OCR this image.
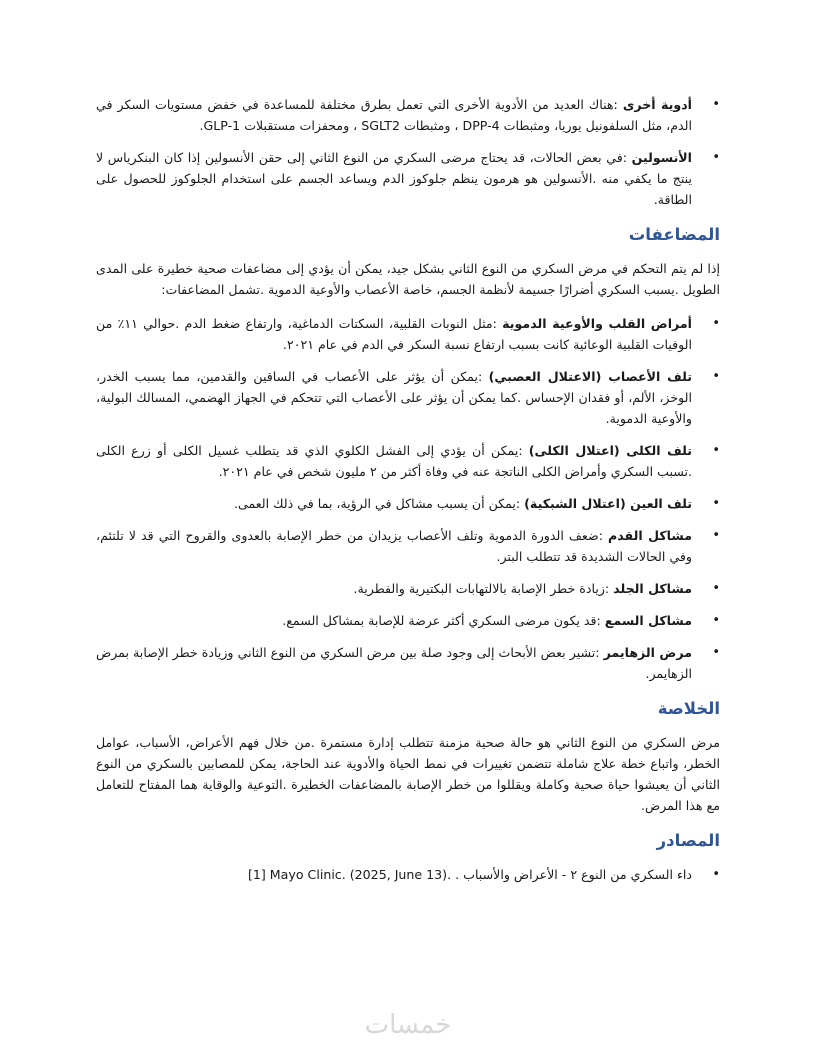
• أدوية أخرى :هناك العديد من الأدوية الأخرى التي تعمل بطرق مختلفة للمساعدة في خفض مستويات السكر في الدم، مثل السلفونيل يوريا، ومثبطات DPP-4 ، ومثبطات SGLT2 ، ومحفزات مستقبلات GLP-1.
• الأنسولين :في بعض الحالات، قد يحتاج مرضى السكري من النوع الثاني إلى حقن الأنسولين إذا كان البنكرياس لا ينتج ما يكفي منه .الأنسولين هو هرمون ينظم جلوكوز الدم ويساعد الجسم على استخدام الجلوكوز للحصول على الطاقة.
المضاعفات

إذا لم يتم التحكم في مرض السكري من النوع الثاني بشكل جيد، يمكن أن يؤدي إلى مضاعفات صحية خطيرة على المدى الطويل .يسبب السكري أضرارًا جسيمة لأنظمة الجسم، خاصة الأعصاب والأوعية الدموية .تشمل المضاعفات:

• أمراض القلب والأوعية الدموية :مثل النوبات القلبية، السكتات الدماغية، وارتفاع ضغط الدم .حوالي ١١٪ من الوفيات القلبية الوعائية كانت بسبب ارتفاع نسبة السكر في الدم في عام ٢٠٢١.
• تلف الأعصاب (الاعتلال العصبي) :يمكن أن يؤثر على الأعصاب في الساقين والقدمين، مما يسبب الخدر، الوخز، الألم، أو فقدان الإحساس .كما يمكن أن يؤثر على الأعصاب التي تتحكم في الجهاز الهضمي، المسالك البولية، والأوعية الدموية.
• تلف الكلى (اعتلال الكلى) :يمكن أن يؤدي إلى الفشل الكلوي الذي قد يتطلب غسيل الكلى أو زرع الكلى .تسبب السكري وأمراض الكلى الناتجة عنه في وفاة أكثر من ٢ مليون شخص في عام ٢٠٢١.
• تلف العين (اعتلال الشبكية) :يمكن أن يسبب مشاكل في الرؤية، بما في ذلك العمى.
• مشاكل القدم :ضعف الدورة الدموية وتلف الأعصاب يزيدان من خطر الإصابة بالعدوى والقروح التي قد لا تلتئم، وفي الحالات الشديدة قد تتطلب البتر.
• مشاكل الجلد :زيادة خطر الإصابة بالالتهابات البكتيرية والفطرية.
• مشاكل السمع :قد يكون مرضى السكري أكثر عرضة للإصابة بمشاكل السمع.
• مرض الزهايمر :تشير بعض الأبحاث إلى وجود صلة بين مرض السكري من النوع الثاني وزيادة خطر الإصابة بمرض الزهايمر.
الخلاصة

مرض السكري من النوع الثاني هو حالة صحية مزمنة تتطلب إدارة مستمرة .من خلال فهم الأعراض، الأسباب، عوامل الخطر، واتباع خطة علاج شاملة تتضمن تغييرات في نمط الحياة والأدوية عند الحاجة، يمكن للمصابين بالسكري من النوع الثاني أن يعيشوا حياة صحية وكاملة ويقللوا من خطر الإصابة بالمضاعفات الخطيرة .التوعية والوقاية هما المفتاح للتعامل مع هذا المرض.

المصادر
• داء السكري من النوع ٢ - الأعراض والأسباب . [1] Mayo Clinic. (2025, June 13).
خمسات
